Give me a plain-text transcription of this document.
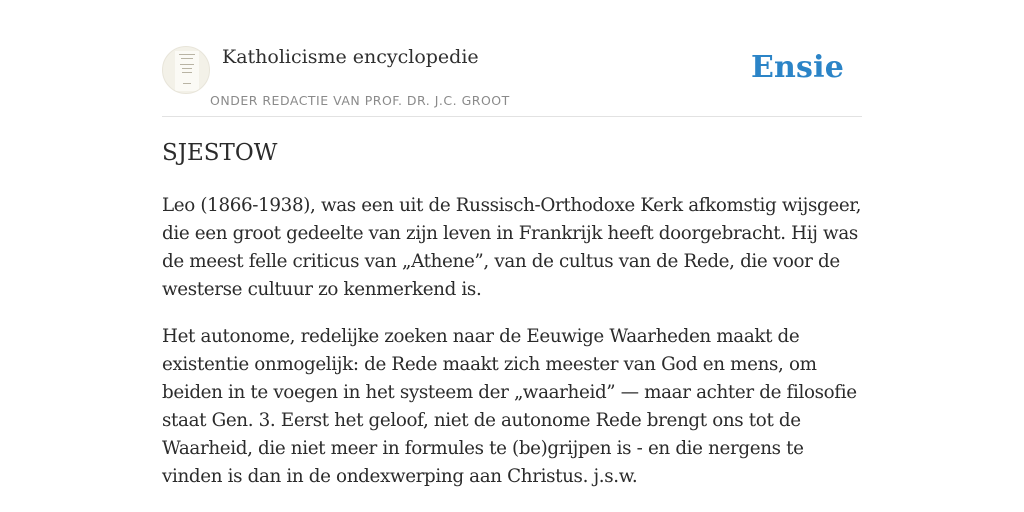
Katholicisme encyclopedie
ONDER REDACTIE VAN PROF. DR. J.C. GROOT
Ensie
SJESTOW

Leo (1866-1938), was een uit de Russisch-Orthodoxe Kerk afkomstig wijsgeer, die een groot gedeelte van zijn leven in Frankrijk heeft doorgebracht. Hij was de meest felle criticus van „Athene”, van de cultus van de Rede, die voor de westerse cultuur zo kenmerkend is.

Het autonome, redelijke zoeken naar de Eeuwige Waarheden maakt de existentie onmogelijk: de Rede maakt zich meester van God en mens, om beiden in te voegen in het systeem der „waarheid” — maar achter de filosofie staat Gen. 3. Eerst het geloof, niet de autonome Rede brengt ons tot de Waarheid, die niet meer in formules te (be)grijpen is - en die nergens te vinden is dan in de ondexwerping aan Christus. j.s.w.
